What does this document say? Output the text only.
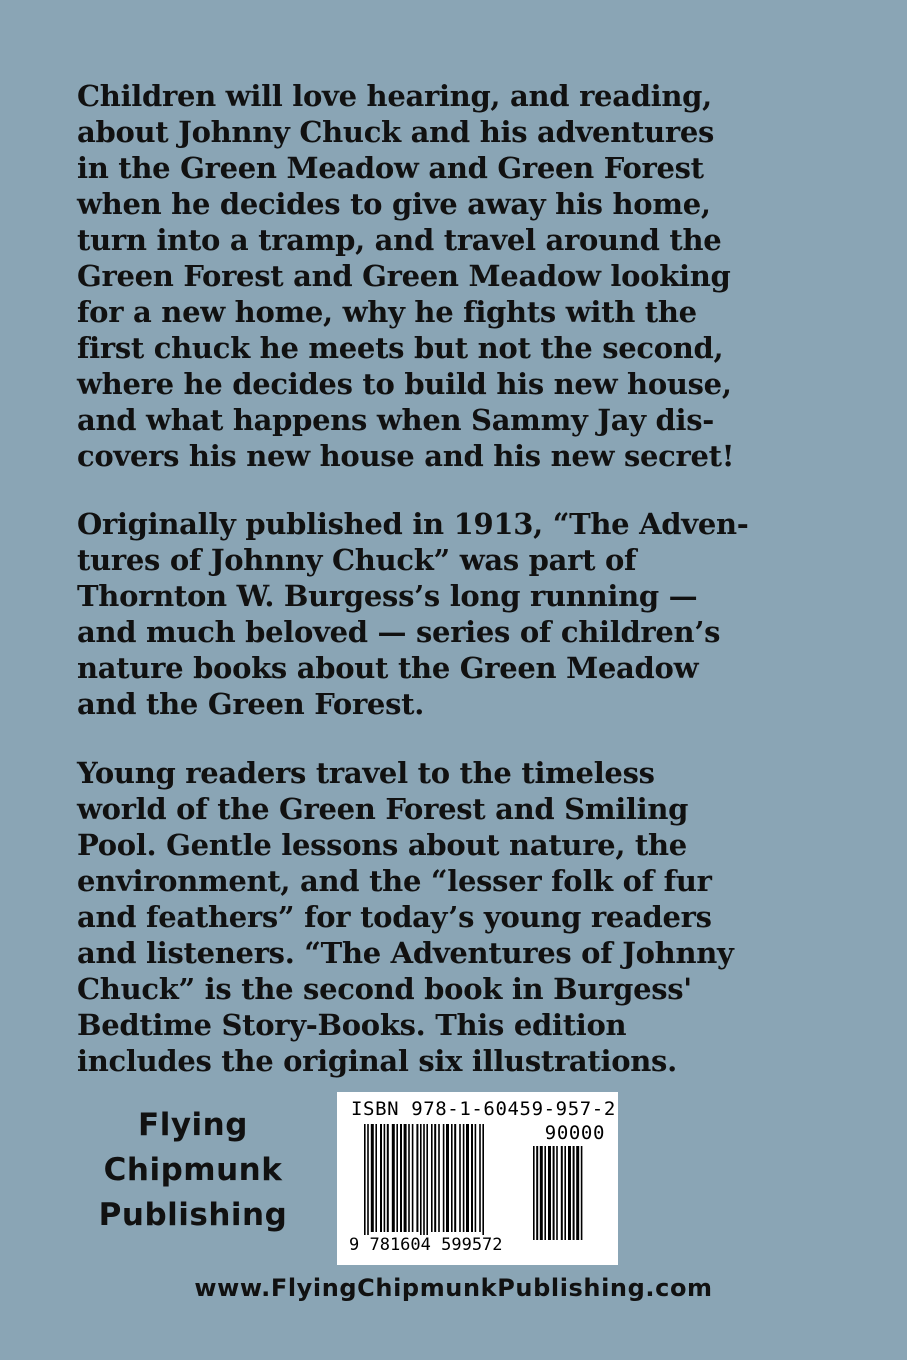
Children will love hearing, and reading,
about Johnny Chuck and his adventures
in the Green Meadow and Green Forest
when he decides to give away his home,
turn into a tramp, and travel around the
Green Forest and Green Meadow looking
for a new home, why he fights with the
first chuck he meets but not the second,
where he decides to build his new house,
and what happens when Sammy Jay dis-
covers his new house and his new secret!
Originally published in 1913, “The Adven-
tures of Johnny Chuck” was part of
Thornton W. Burgess’s long running —
and much beloved — series of children’s
nature books about the Green Meadow
and the Green Forest.
Young readers travel to the timeless
world of the Green Forest and Smiling
Pool. Gentle lessons about nature, the
environment, and the “lesser folk of fur
and feathers” for today’s young readers
and listeners. “The Adventures of Johnny
Chuck” is the second book in Burgess'
Bedtime Story-Books. This edition
includes the original six illustrations.
Flying
Chipmunk
Publishing
ISBN 978-1-60459-957-2
90000
9 781604 599572
www.FlyingChipmunkPublishing.com
